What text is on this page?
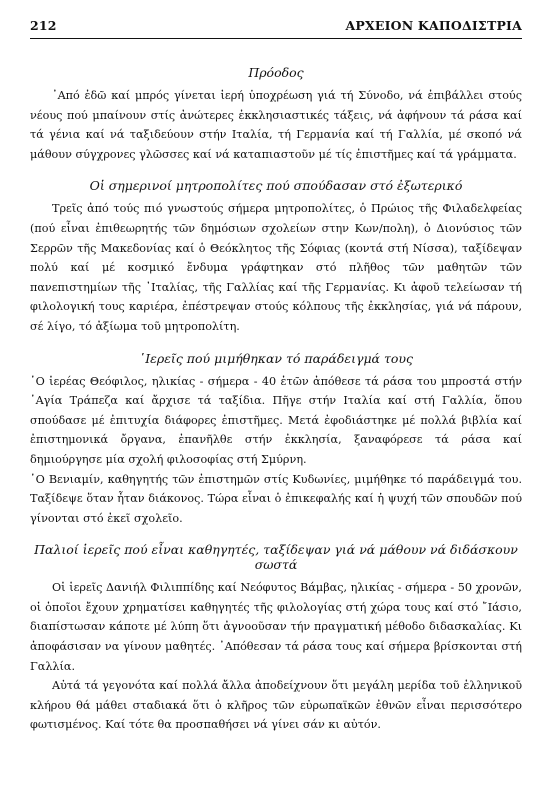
212	ΑΡΧΕΙΟΝ ΚΑΠΟΔΙΣΤΡΙΑ
Πρόοδος

᾿Από ἐδῶ καί μπρός γίνεται ἱερή ὑποχρέωση γιά τή Σύνοδο, νά ἐπιβάλλει στούς νέους πού μπαίνουν στίς ἀνώτερες ἐκκλησιαστικές τάξεις, νά ἀφήνουν τά ράσα καί τά γένια καί νά ταξιδεύουν στήν Ιταλία, τή Γερμανία καί τή Γαλλία, μέ σκοπό νά μάθουν σύγχρονες γλῶσσες καί νά καταπιαστοῦν μέ τίς ἐπιστῆμες καί τά γράμματα.

Οἱ σημερινοί μητροπολίτες πού σπούδασαν στό ἐξωτερικό

Τρεῖς ἀπό τούς πιό γνωστούς σήμερα μητροπολίτες, ὁ Πρώιος τῆς Φιλαδελφείας (πού εἶναι ἐπιθεωρητής τῶν δημόσιων σχολείων στην Κων/πολη), ὁ Διονύσιος τῶν Σερρῶν τῆς Μακεδονίας καί ὁ Θεόκλητος τῆς Σόφιας (κοντά στή Νίσσα), ταξίδεψαν πολύ καί μέ κοσμικό ἔνδυμα γράφτηκαν στό πλῆθος τῶν μαθητῶν τῶν πανεπιστημίων τῆς ᾿Ιταλίας, τῆς Γαλλίας καί τῆς Γερμανίας. Κι ἀφοῦ τελείωσαν τή φιλολογική τους καριέρα, ἐπέστρεψαν στούς κόλπους τῆς ἐκκλησίας, γιά νά πάρουν, σέ λίγο, τό ἀξίωμα τοῦ μητροπολίτη.

῾Ιερεῖς πού μιμήθηκαν τό παράδειγμά τους

῾Ο ἱερέας Θεόφιλος, ηλικίας - σήμερα - 40 ἐτῶν ἀπόθεσε τά ράσα του μπροστά στήν ῾Αγία Τράπεζα καί ἄρχισε τά ταξίδια. Πῆγε στήν Ιταλία καί στή Γαλλία, ὅπου σπούδασε μέ ἐπιτυχία διάφορες ἐπιστῆμες. Μετά ἐφοδιάστηκε μέ πολλά βιβλία καί ἐπιστημονικά ὄργανα, ἐπανῆλθε στήν ἐκκλησία, ξαναφόρεσε τά ράσα καί δημιούργησε μία σχολή φιλοσοφίας στή Σμύρνη.

῾Ο Βενιαμίν, καθηγητής τῶν ἐπιστημῶν στίς Κυδωνίες, μιμήθηκε τό παράδειγμά του. Ταξίδεψε ὅταν ἦταν διάκονος. Τώρα εἶναι ὁ ἐπικεφαλής καί ἡ ψυχή τῶν σπουδῶν πού γίνονται στό ἐκεῖ σχολεῖο.

Παλιοί ἱερεῖς πού εἶναι καθηγητές, ταξίδεψαν γιά νά μάθουν νά διδάσκουν σωστά

Οἱ ἱερεῖς Δανιήλ Φιλιππίδης καί Νεόφυτος Βάμβας, ηλικίας - σήμερα - 50 χρονῶν, οἱ ὁποῖοι ἔχουν χρηματίσει καθηγητές τῆς φιλολογίας στή χώρα τους καί στό ῎Ιάσιο, διαπίστωσαν κάποτε μέ λύπη ὅτι ἀγνοοῦσαν τήν πραγματική μέθοδο διδασκαλίας. Κι ἀποφάσισαν να γίνουν μαθητές. ᾿Απόθεσαν τά ράσα τους καί σήμερα βρίσκονται στή Γαλλία.

Αὐτά τά γεγονότα καί πολλά ἄλλα ἀποδείχνουν ὅτι μεγάλη μερίδα τοῦ ἑλληνικοῦ κλήρου θά μάθει σταδιακά ὅτι ὁ κλῆρος τῶν εὐρωπαϊκῶν ἐθνῶν εἶναι περισσότερο φωτισμένος. Καί τότε θα προσπαθήσει νά γίνει σάν κι αὐτόν.
